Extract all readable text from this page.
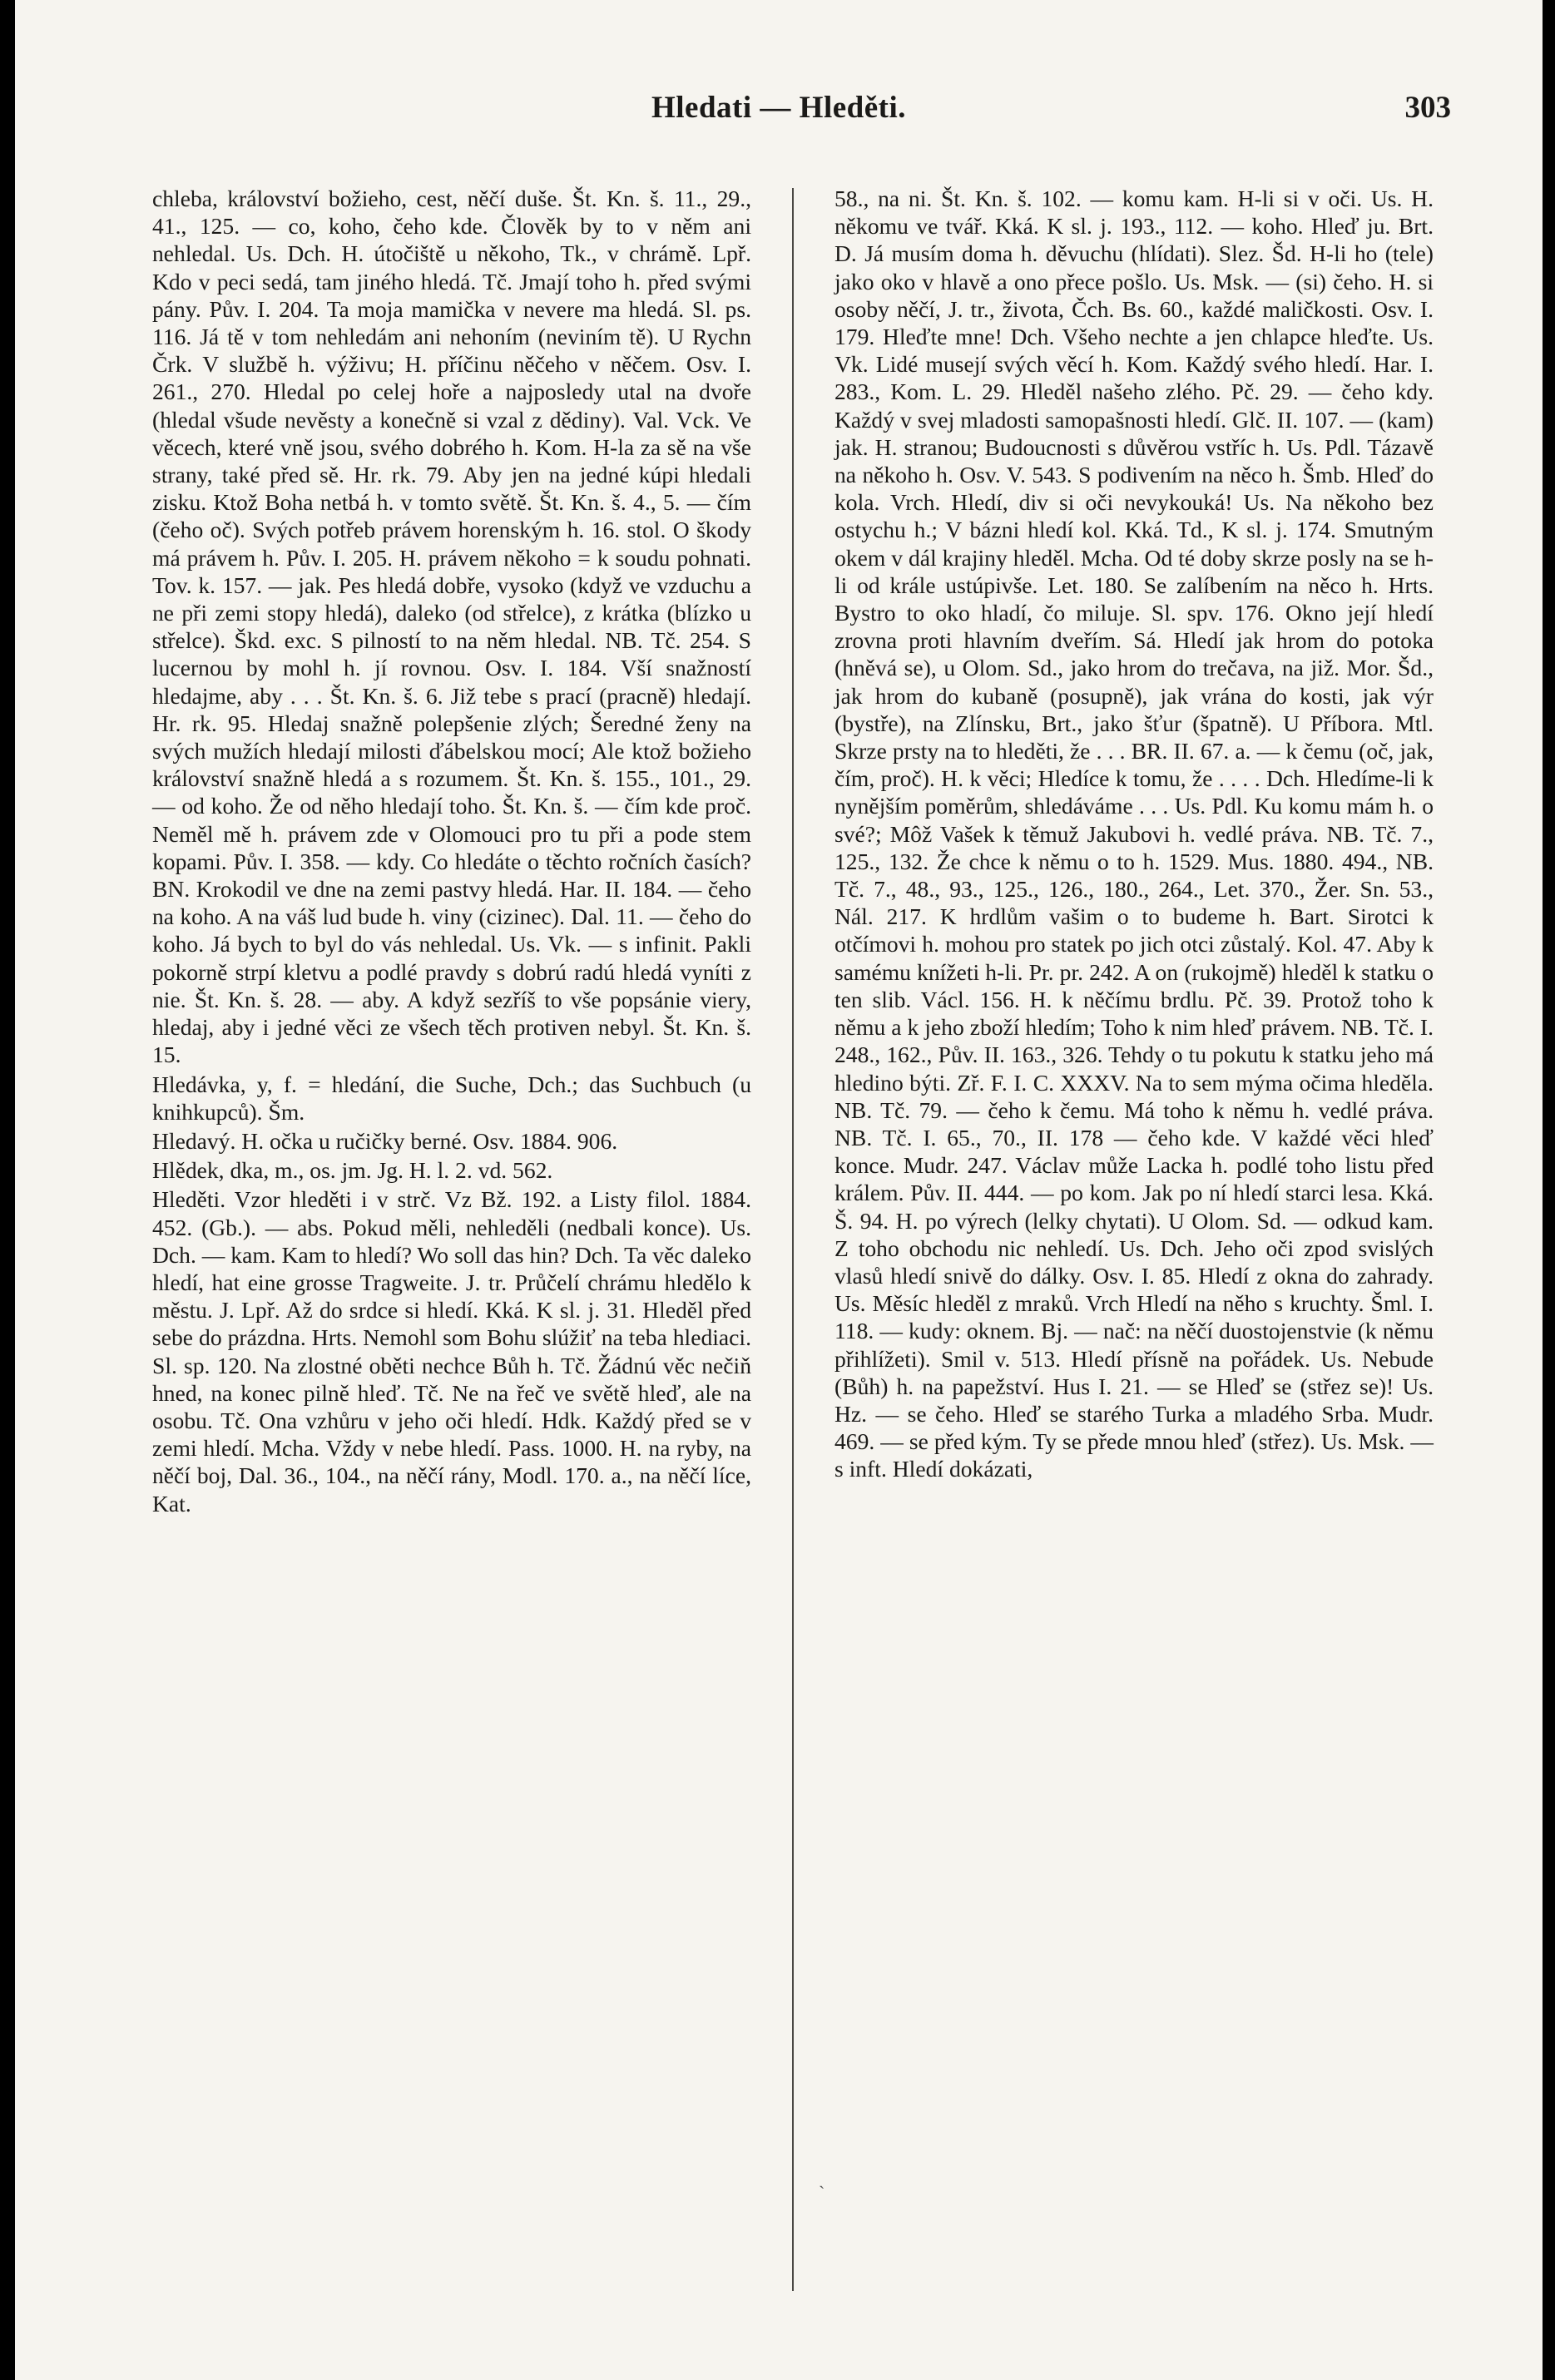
Hledati — Hleděti.	303

chleba, království božieho, cest, něčí duše. Št. Kn. š. 11., 29., 41., 125. — co, koho, čeho kde. Člověk by to v něm ani nehledal. Us. Dch. H. útočiště u někoho, Tk., v chrámě. Lpř. Kdo v peci sedá, tam jiného hledá. Tč. Jmají toho h. před svými pány. Pův. I. 204. Ta moja mamička v nevere ma hledá. Sl. ps. 116. Já tě v tom nehledám ani nehoním (neviním tě). U Rychn Črk. V službě h. výživu; H. příčinu něčeho v něčem. Osv. I. 261., 270. Hledal po celej hoře a najposledy utal na dvoře (hledal všude nevěsty a konečně si vzal z dědiny). Val. Vck. Ve věcech, které vně jsou, svého dobrého h. Kom. H-la za sě na vše strany, také před sě. Hr. rk. 79. Aby jen na jedné kúpi hledali zisku. Ktož Boha netbá h. v tomto světě. Št. Kn. š. 4., 5. — čím (čeho oč). Svých potřeb právem horenským h. 16. stol. O škody má právem h. Pův. I. 205. H. právem někoho = k soudu pohnati. Tov. k. 157. — jak. Pes hledá dobře, vysoko (když ve vzduchu a ne při zemi stopy hledá), daleko (od střelce), z krátka (blízko u střelce). Škd. exc. S pilností to na něm hledal. NB. Tč. 254. S lucernou by mohl h. jí rovnou. Osv. I. 184. Vší snažností hledajme, aby . . . Št. Kn. š. 6. Již tebe s prací (pracně) hledají. Hr. rk. 95. Hledaj snažně polepšenie zlých; Šeredné ženy na svých mužích hledají milosti ďábelskou mocí; Ale ktož božieho království snažně hledá a s rozumem. Št. Kn. š. 155., 101., 29. — od koho. Že od něho hledají toho. Št. Kn. š. — čím kde proč. Neměl mě h. právem zde v Olomouci pro tu při a pode stem kopami. Pův. I. 358. — kdy. Co hledáte o těchto ročních časích? BN. Krokodil ve dne na zemi pastvy hledá. Har. II. 184. — čeho na koho. A na váš lud bude h. viny (cizinec). Dal. 11. — čeho do koho. Já bych to byl do vás nehledal. Us. Vk. — s infinit. Pakli pokorně strpí kletvu a podlé pravdy s dobrú radú hledá vyníti z nie. Št. Kn. š. 28. — aby. A když sezříš to vše popsánie viery, hledaj, aby i jedné věci ze všech těch protiven nebyl. Št. Kn. š. 15.

Hledávka, y, f. = hledání, die Suche, Dch.; das Suchbuch (u knihkupců). Šm.

Hledavý. H. očka u ručičky berné. Osv. 1884. 906.

Hlědek, dka, m., os. jm. Jg. H. l. 2. vd. 562.

Hleděti. Vzor hleděti i v strč. Vz Bž. 192. a Listy filol. 1884. 452. (Gb.). — abs. Pokud měli, nehleděli (nedbali konce). Us. Dch. — kam. Kam to hledí? Wo soll das hin? Dch. Ta věc daleko hledí, hat eine grosse Tragweite. J. tr. Průčelí chrámu hledělo k městu. J. Lpř. Až do srdce si hledí. Kká. K sl. j. 31. Hleděl před sebe do prázdna. Hrts. Nemohl som Bohu slúžiť na teba hlediaci. Sl. sp. 120. Na zlostné oběti nechce Bůh h. Tč. Žádnú věc nečiň hned, na konec pilně hleď. Tč. Ne na řeč ve světě hleď, ale na osobu. Tč. Ona vzhůru v jeho oči hledí. Hdk. Každý před se v zemi hledí. Mcha. Vždy v nebe hledí. Pass. 1000. H. na ryby, na něčí boj, Dal. 36., 104., na něčí rány, Modl. 170. a., na něčí líce, Kat.

58., na ni. Št. Kn. š. 102. — komu kam. H-li si v oči. Us. H. někomu ve tvář. Kká. K sl. j. 193., 112. — koho. Hleď ju. Brt. D. Já musím doma h. děvuchu (hlídati). Slez. Šd. H-li ho (tele) jako oko v hlavě a ono přece pošlo. Us. Msk. — (si) čeho. H. si osoby něčí, J. tr., života, Čch. Bs. 60., každé maličkosti. Osv. I. 179. Hleďte mne! Dch. Všeho nechte a jen chlapce hleďte. Us. Vk. Lidé musejí svých věcí h. Kom. Každý svého hledí. Har. I. 283., Kom. L. 29. Hleděl našeho zlého. Pč. 29. — čeho kdy. Každý v svej mladosti samopašnosti hledí. Glč. II. 107. — (kam) jak. H. stranou; Budoucnosti s důvěrou vstříc h. Us. Pdl. Tázavě na někoho h. Osv. V. 543. S podivením na něco h. Šmb. Hleď do kola. Vrch. Hledí, div si oči nevykouká! Us. Na někoho bez ostychu h.; V bázni hledí kol. Kká. Td., K sl. j. 174. Smutným okem v dál krajiny hleděl. Mcha. Od té doby skrze posly na se h-li od krále ustúpivše. Let. 180. Se zalíbením na něco h. Hrts. Bystro to oko hladí, čo miluje. Sl. spv. 176. Okno její hledí zrovna proti hlavním dveřím. Sá. Hledí jak hrom do potoka (hněvá se), u Olom. Sd., jako hrom do trečava, na již. Mor. Šd., jak hrom do kubaně (posupně), jak vrána do kosti, jak výr (bystře), na Zlínsku, Brt., jako šťur (špatně). U Příbora. Mtl. Skrze prsty na to hleděti, že . . . BR. II. 67. a. — k čemu (oč, jak, čím, proč). H. k věci; Hledíce k tomu, že . . . . Dch. Hledíme-li k nynějším poměrům, shledáváme . . . Us. Pdl. Ku komu mám h. o své?; Môž Vašek k těmuž Jakubovi h. vedlé práva. NB. Tč. 7., 125., 132. Že chce k němu o to h. 1529. Mus. 1880. 494., NB. Tč. 7., 48., 93., 125., 126., 180., 264., Let. 370., Žer. Sn. 53., Nál. 217. K hrdlům vašim o to budeme h. Bart. Sirotci k otčímovi h. mohou pro statek po jich otci zůstalý. Kol. 47. Aby k samému knížeti h-li. Pr. pr. 242. A on (rukojmě) hleděl k statku o ten slib. Václ. 156. H. k něčímu brdlu. Pč. 39. Protož toho k němu a k jeho zboží hledím; Toho k nim hleď právem. NB. Tč. I. 248., 162., Pův. II. 163., 326. Tehdy o tu pokutu k statku jeho má hledino býti. Zř. F. I. C. XXXV. Na to sem mýma očima hleděla. NB. Tč. 79. — čeho k čemu. Má toho k němu h. vedlé práva. NB. Tč. I. 65., 70., II. 178 — čeho kde. V každé věci hleď konce. Mudr. 247. Václav může Lacka h. podlé toho listu před králem. Pův. II. 444. — po kom. Jak po ní hledí starci lesa. Kká. Š. 94. H. po výrech (lelky chytati). U Olom. Sd. — odkud kam. Z toho obchodu nic nehledí. Us. Dch. Jeho oči zpod svislých vlasů hledí snivě do dálky. Osv. I. 85. Hledí z okna do zahrady. Us. Měsíc hleděl z mraků. Vrch Hledí na něho s kruchty. Šml. I. 118. — kudy: oknem. Bj. — nač: na něčí duostojenstvie (k němu přihlížeti). Smil v. 513. Hledí přísně na pořádek. Us. Nebude (Bůh) h. na papežství. Hus I. 21. — se Hleď se (střez se)! Us. Hz. — se čeho. Hleď se starého Turka a mladého Srba. Mudr. 469. — se před kým. Ty se přede mnou hleď (střez). Us. Msk. — s inft. Hledí dokázati,

ˎ
